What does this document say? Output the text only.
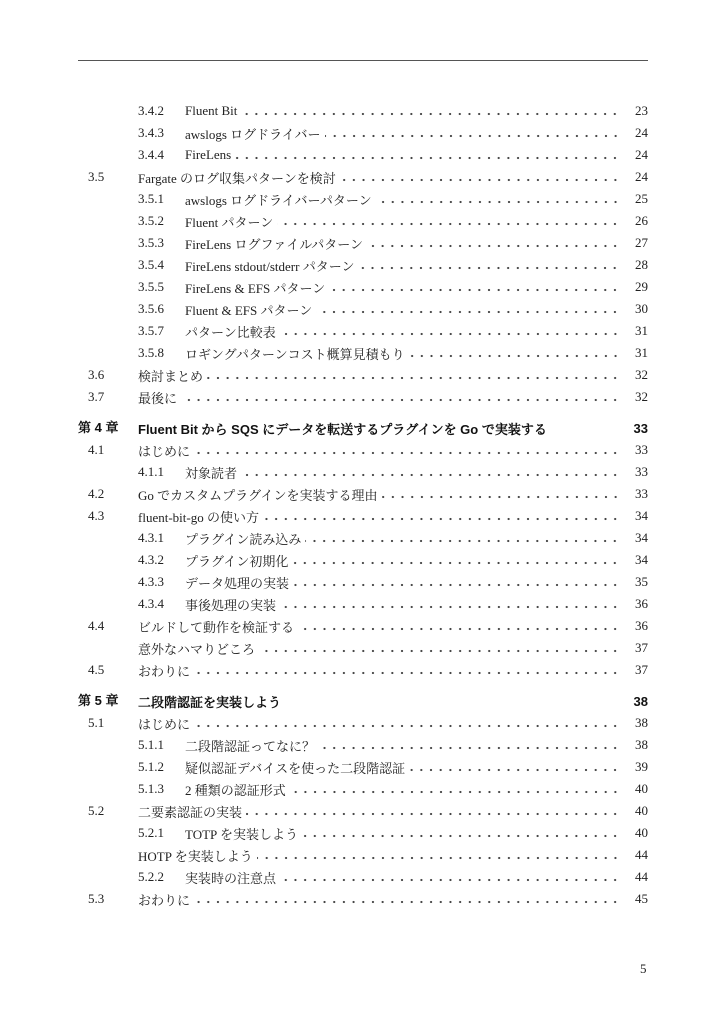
3.4.2 Fluent Bit	23
3.4.3 awslogs ログドライバー	24
3.4.4 FireLens	24
3.5	Fargate のログ収集パターンを検討	24
3.5.1 awslogs ログドライバーパターン	25
3.5.2 Fluent パターン	26
3.5.3 FireLens ログファイルパターン	27
3.5.4 FireLens stdout/stderr パターン	28
3.5.5 FireLens & EFS パターン	29
3.5.6 Fluent & EFS パターン	30
3.5.7 パターン比較表	31
3.5.8 ロギングパターンコスト概算見積もり	31
3.6	検討まとめ	32
3.7	最後に	32
第 4 章 Fluent Bit から SQS にデータを転送するプラグインを Go で実装する	33
4.1	はじめに	33
4.1.1 対象読者	33
4.2	Go でカスタムプラグインを実装する理由	33
4.3	fluent-bit-go の使い方	34
4.3.1 プラグイン読み込み	34
4.3.2 プラグイン初期化	34
4.3.3 データ処理の実装	35
4.3.4 事後処理の実装	36
4.4	ビルドして動作を検証する	36
意外なハマりどころ	37
4.5	おわりに	37
第 5 章 二段階認証を実装しよう	38
5.1	はじめに	38
5.1.1 二段階認証ってなに？	38
5.1.2 疑似認証デバイスを使った二段階認証	39
5.1.3 2 種類の認証形式	40
5.2	二要素認証の実装	40
5.2.1 TOTP を実装しよう	40
HOTP を実装しよう	44
5.2.2 実装時の注意点	44
5.3	おわりに	45
5
